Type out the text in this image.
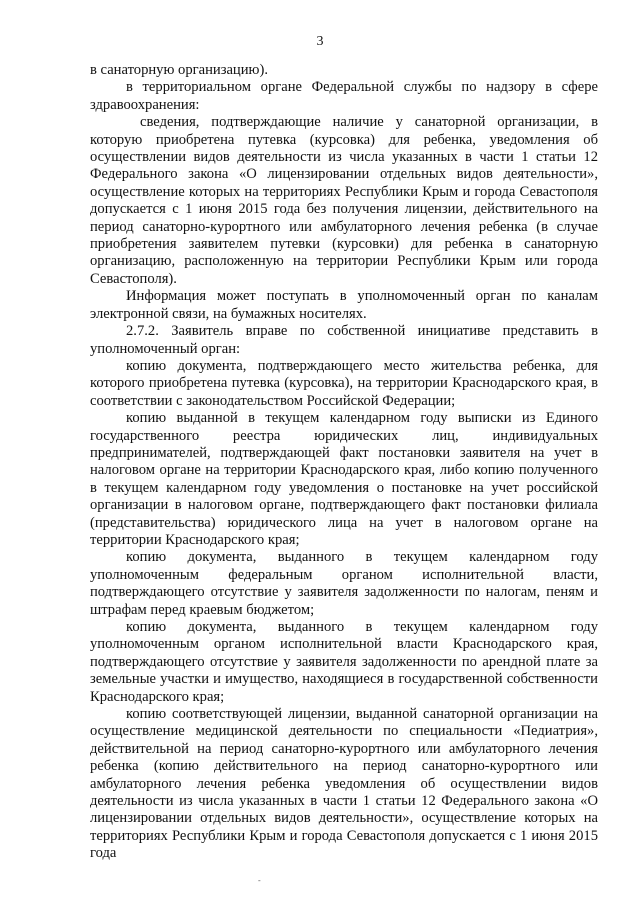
3

в санаторную организацию).

в территориальном органе Федеральной службы по надзору в сфере здравоохранения:

сведения, подтверждающие наличие у санаторной организации, в которую приобретена путевка (курсовка) для ребенка, уведомления об осуществлении видов деятельности из числа указанных в части 1 статьи 12 Федерального закона «О лицензировании отдельных видов деятельности», осуществление которых на территориях Республики Крым и города Севастополя допускается с 1 июня 2015 года без получения лицензии, действительного на период санаторно-курортного или амбулаторного лечения ребенка (в случае приобретения заявителем путевки (курсовки) для ребенка в санаторную организацию, расположенную на территории Республики Крым или города Севастополя).

Информация может поступать в уполномоченный орган по каналам электронной связи, на бумажных носителях.

2.7.2. Заявитель вправе по собственной инициативе представить в уполномоченный орган:

копию документа, подтверждающего место жительства ребенка, для которого приобретена путевка (курсовка), на территории Краснодарского края, в соответствии с законодательством Российской Федерации;

копию выданной в текущем календарном году выписки из Единого государственного реестра юридических лиц, индивидуальных предпринимателей, подтверждающей факт постановки заявителя на учет в налоговом органе на территории Краснодарского края, либо копию полученного в текущем календарном году уведомления о постановке на учет российской организации в налоговом органе, подтверждающего факт постановки филиала (представительства) юридического лица на учет в налоговом органе на территории Краснодарского края;

копию документа, выданного в текущем календарном году уполномоченным федеральным органом исполнительной власти, подтверждающего отсутствие у заявителя задолженности по налогам, пеням и штрафам перед краевым бюджетом;

копию документа, выданного в текущем календарном году уполномоченным органом исполнительной власти Краснодарского края, подтверждающего отсутствие у заявителя задолженности по арендной плате за земельные участки и имущество, находящиеся в государственной собственности Краснодарского края;

копию соответствующей лицензии, выданной санаторной организации на осуществление медицинской деятельности по специальности «Педиатрия», действительной на период санаторно-курортного или амбулаторного лечения ребенка (копию действительного на период санаторно-курортного или амбулаторного лечения ребенка уведомления об осуществлении видов деятельности из числа указанных в части 1 статьи 12 Федерального закона «О лицензировании отдельных видов деятельности», осуществление которых на территориях Республики Крым и города Севастополя допускается с 1 июня 2015 года

-
